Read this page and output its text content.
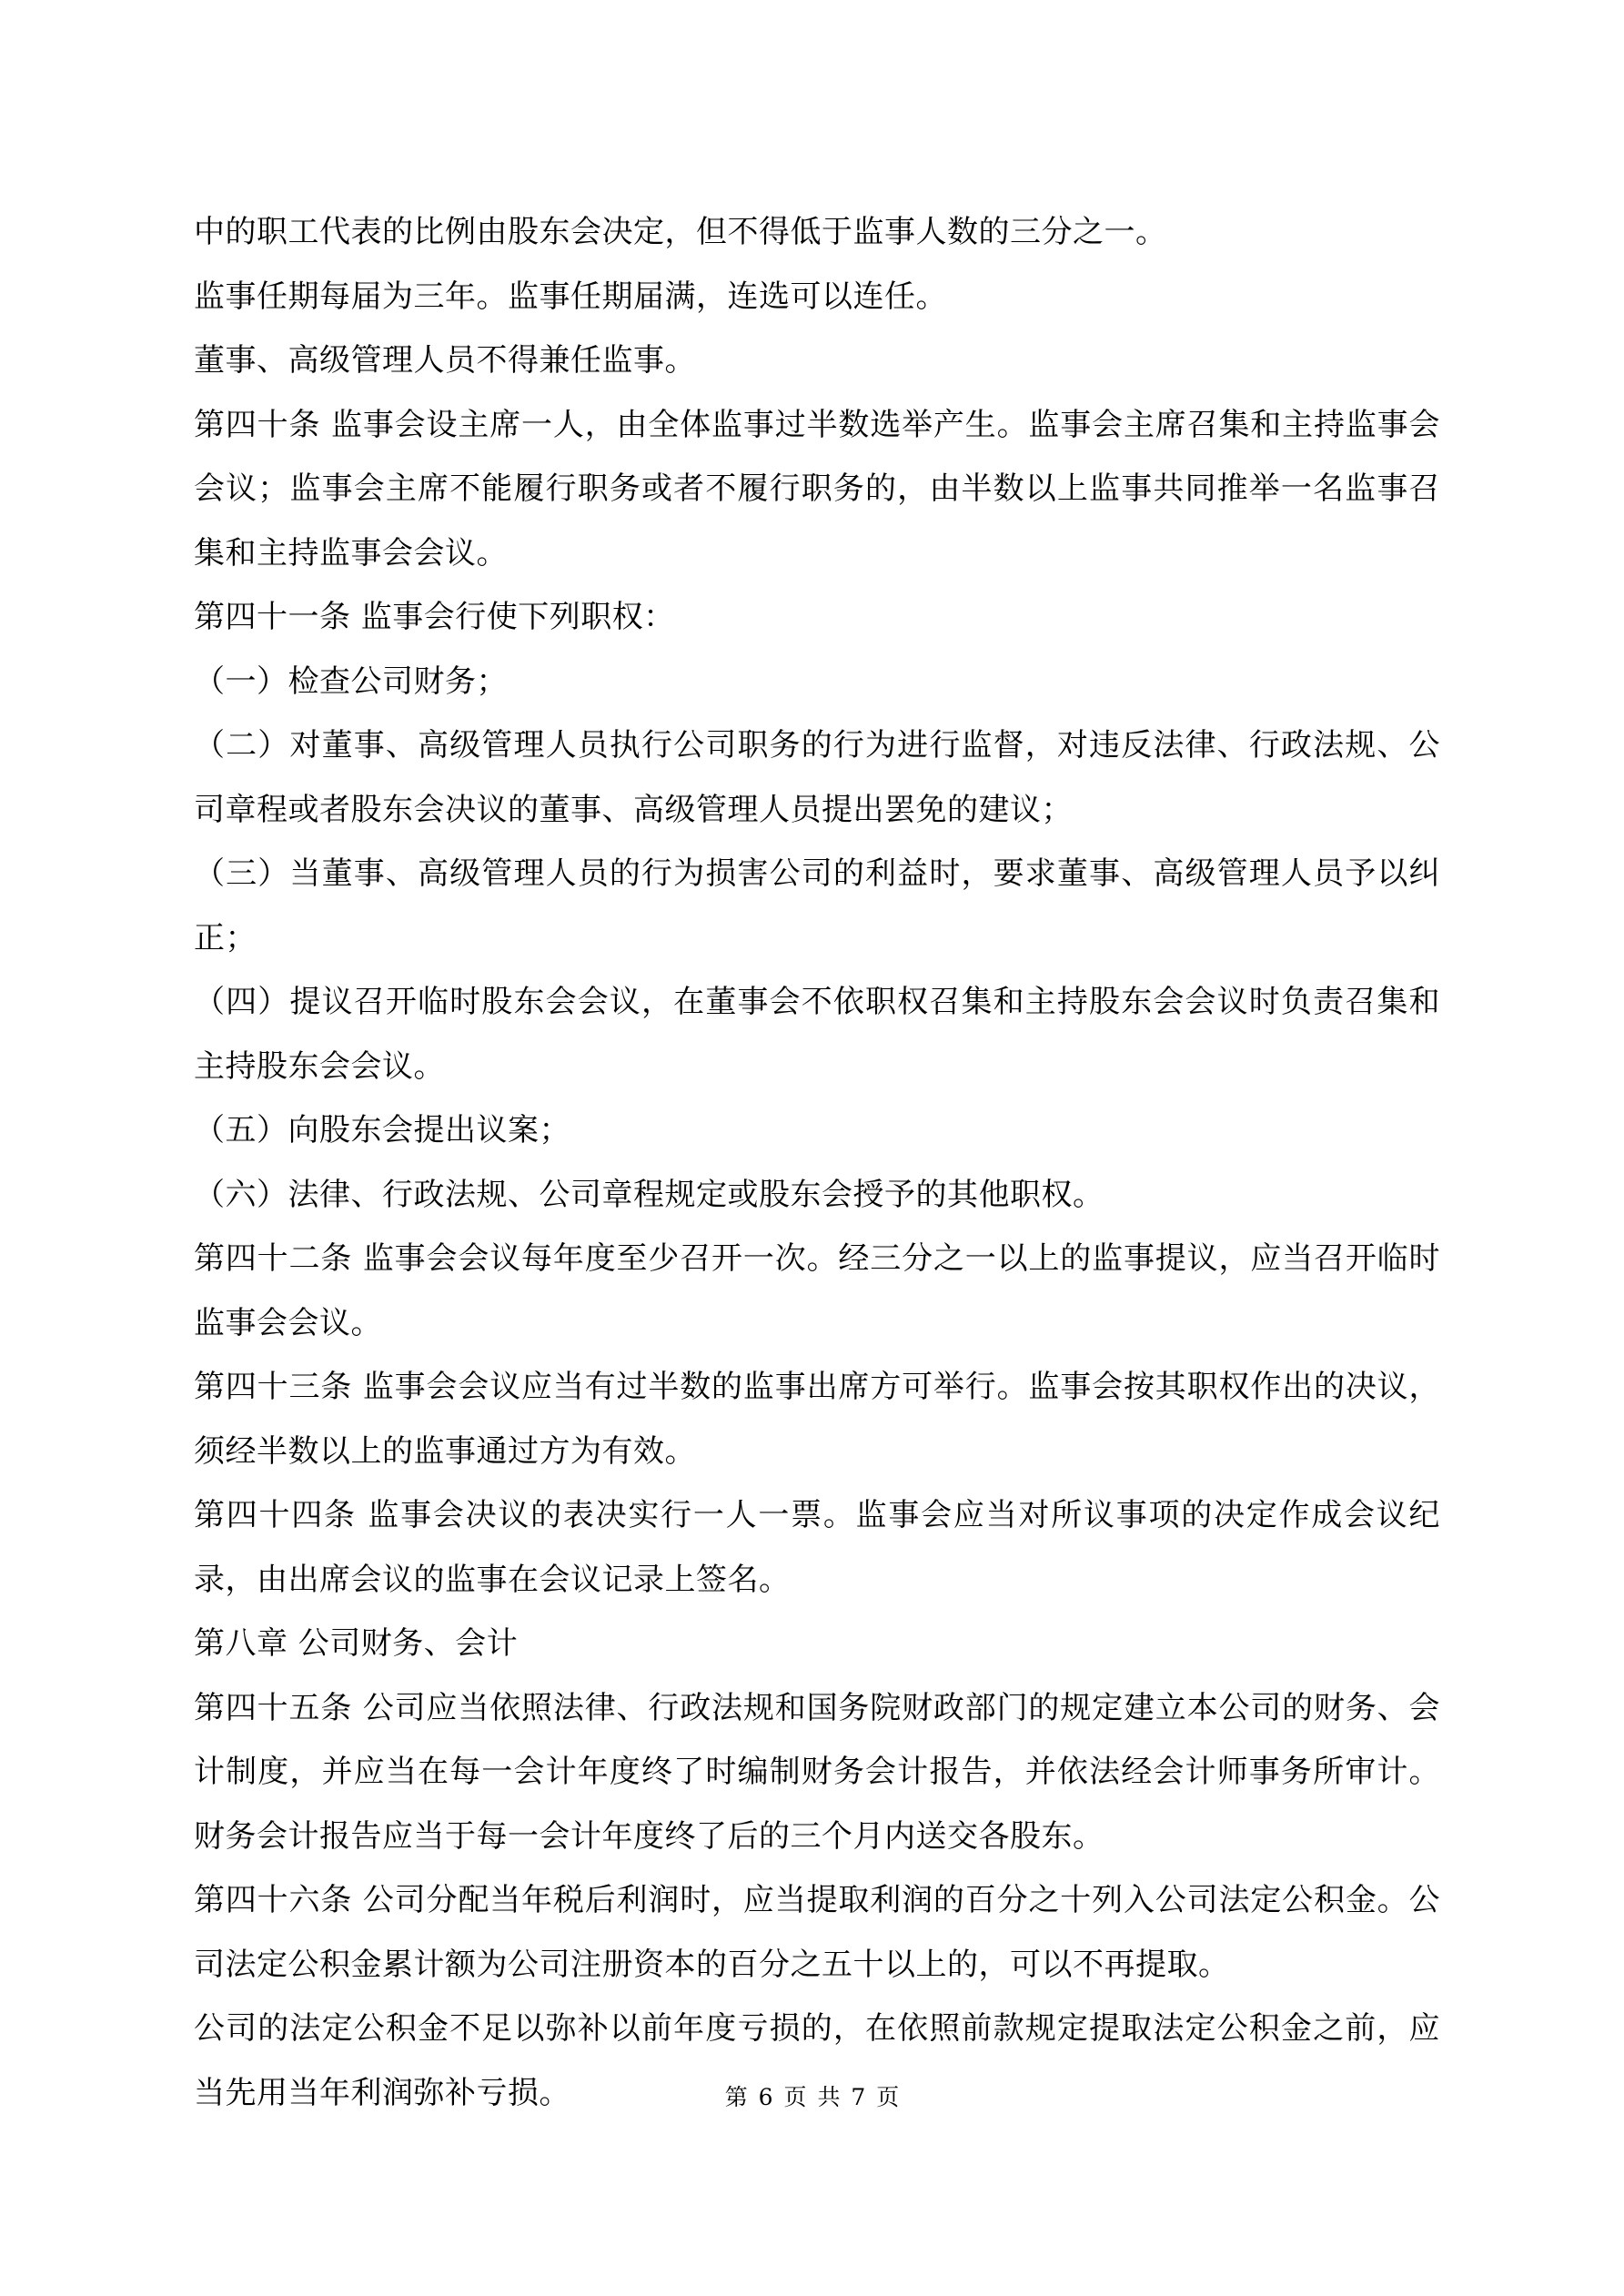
中的职工代表的比例由股东会决定，但不得低于监事人数的三分之一。

监事任期每届为三年。监事任期届满，连选可以连任。

董事、高级管理人员不得兼任监事。

第四十条 监事会设主席一人，由全体监事过半数选举产生。监事会主席召集和主持监事会会议；监事会主席不能履行职务或者不履行职务的，由半数以上监事共同推举一名监事召集和主持监事会会议。

第四十一条 监事会行使下列职权：

（一）检查公司财务；

（二）对董事、高级管理人员执行公司职务的行为进行监督，对违反法律、行政法规、公司章程或者股东会决议的董事、高级管理人员提出罢免的建议；

（三）当董事、高级管理人员的行为损害公司的利益时，要求董事、高级管理人员予以纠正；

（四）提议召开临时股东会会议，在董事会不依职权召集和主持股东会会议时负责召集和主持股东会会议。

（五）向股东会提出议案；

（六）法律、行政法规、公司章程规定或股东会授予的其他职权。

第四十二条 监事会会议每年度至少召开一次。经三分之一以上的监事提议，应当召开临时监事会会议。

第四十三条 监事会会议应当有过半数的监事出席方可举行。监事会按其职权作出的决议，须经半数以上的监事通过方为有效。

第四十四条 监事会决议的表决实行一人一票。监事会应当对所议事项的决定作成会议纪录，由出席会议的监事在会议记录上签名。

第八章 公司财务、会计

第四十五条 公司应当依照法律、行政法规和国务院财政部门的规定建立本公司的财务、会计制度，并应当在每一会计年度终了时编制财务会计报告，并依法经会计师事务所审计。财务会计报告应当于每一会计年度终了后的三个月内送交各股东。

第四十六条 公司分配当年税后利润时，应当提取利润的百分之十列入公司法定公积金。公司法定公积金累计额为公司注册资本的百分之五十以上的，可以不再提取。

公司的法定公积金不足以弥补以前年度亏损的，在依照前款规定提取法定公积金之前，应当先用当年利润弥补亏损。	第 6 页 共 7 页
